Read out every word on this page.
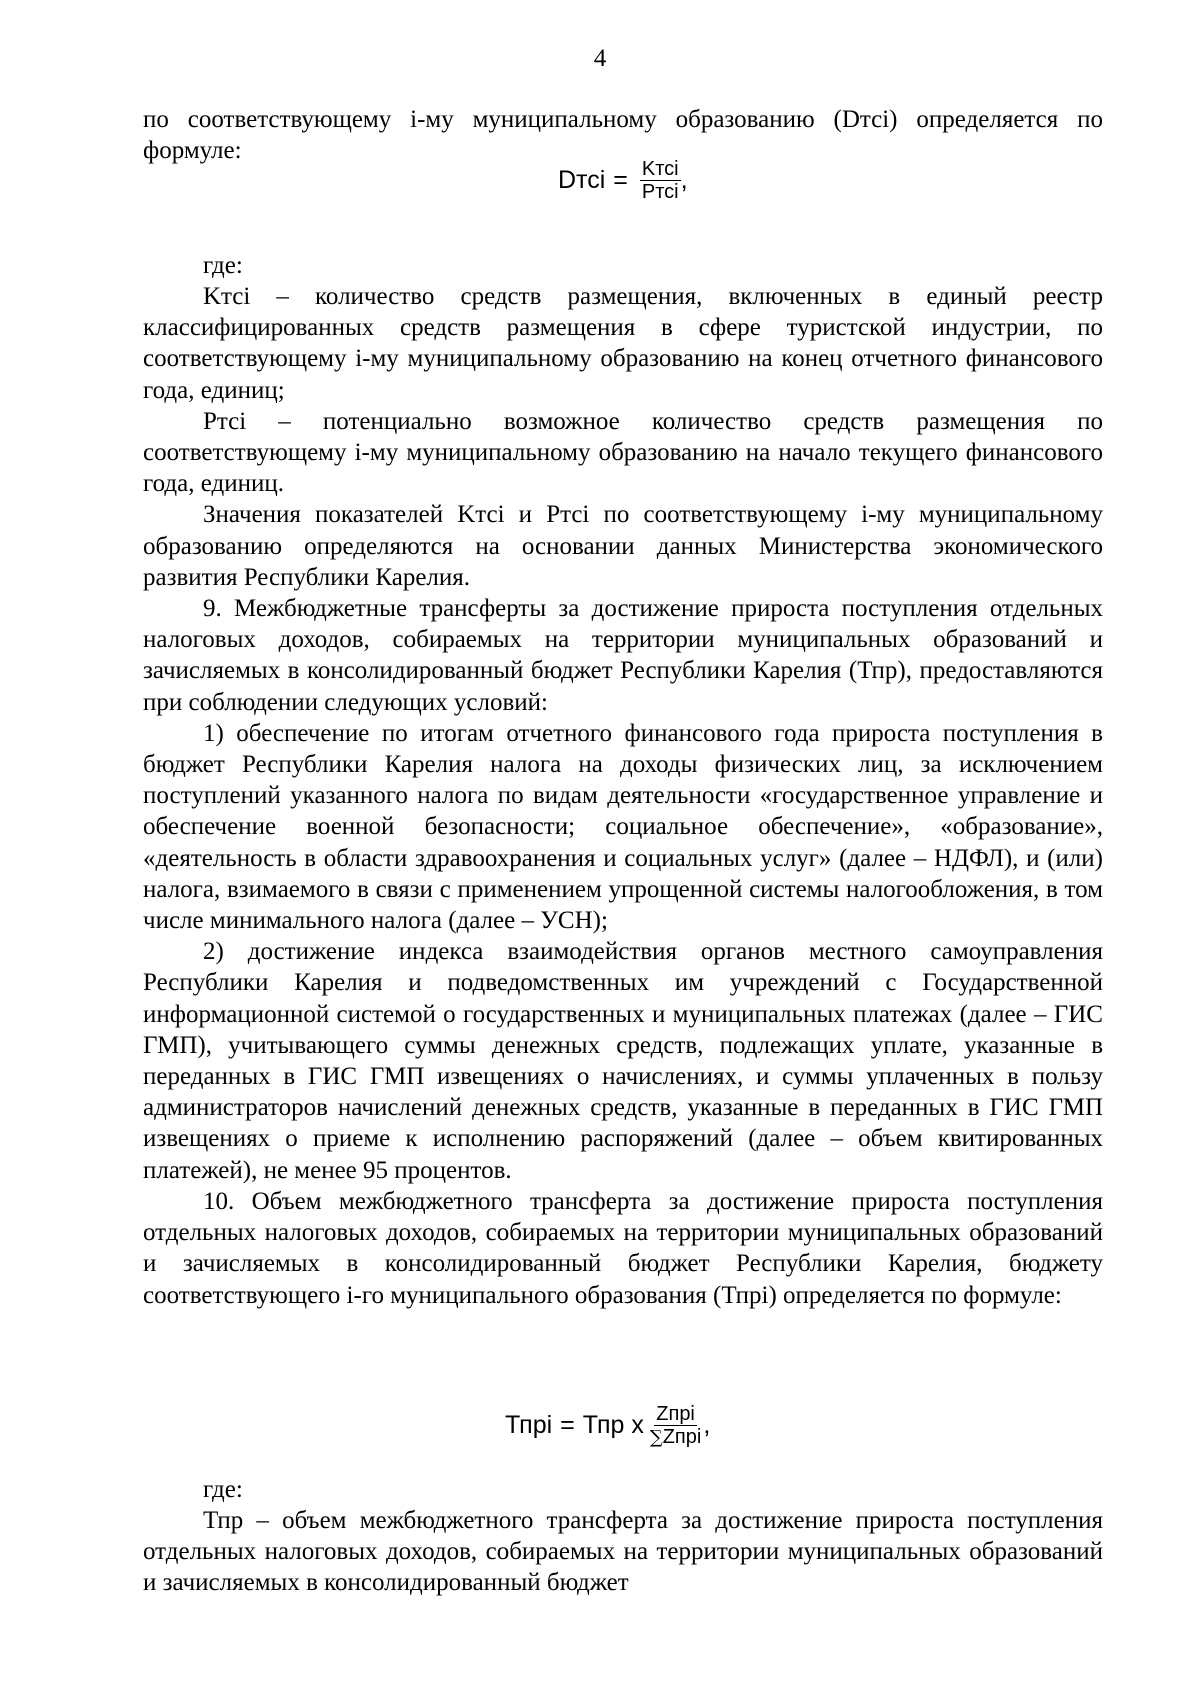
4

по соответствующему i-му муниципальному образованию (Dтсi) определяется по формуле:

Dтсi = $\frac{\text{Kтсi}}{\text{Pтсi}}$ ,
где:

Kтсi – количество средств размещения, включенных в единый реестр классифицированных средств размещения в сфере туристской индустрии, по соответствующему i-му муниципальному образованию на конец отчетного финансового года, единиц;

Pтсi – потенциально возможное количество средств размещения по соответствующему i-му муниципальному образованию на начало текущего финансового года, единиц.

Значения показателей Kтсi и Pтсi по соответствующему i-му муниципальному образованию определяются на основании данных Министерства экономического развития Республики Карелия.

9. Межбюджетные трансферты за достижение прироста поступления отдельных налоговых доходов, собираемых на территории муниципальных образований и зачисляемых в консолидированный бюджет Республики Карелия (Тпр), предоставляются при соблюдении следующих условий:

1) обеспечение по итогам отчетного финансового года прироста поступления в бюджет Республики Карелия налога на доходы физических лиц, за исключением поступлений указанного налога по видам деятельности «государственное управление и обеспечение военной безопасности; социальное обеспечение», «образование», «деятельность в области здравоохранения и социальных услуг» (далее – НДФЛ), и (или) налога, взимаемого в связи с применением упрощенной системы налогообложения, в том числе минимального налога (далее – УСН);

2) достижение индекса взаимодействия органов местного самоуправления Республики Карелия и подведомственных им учреждений с Государственной информационной системой о государственных и муниципальных платежах (далее – ГИС ГМП), учитывающего суммы денежных средств, подлежащих уплате, указанные в переданных в ГИС ГМП извещениях о начислениях, и суммы уплаченных в пользу администраторов начислений денежных средств, указанные в переданных в ГИС ГМП извещениях о приеме к исполнению распоряжений (далее – объем квитированных платежей), не менее 95 процентов.

10. Объем межбюджетного трансферта за достижение прироста поступления отдельных налоговых доходов, собираемых на территории муниципальных образований и зачисляемых в консолидированный бюджет Республики Карелия, бюджету соответствующего i-го муниципального образования (Тпрi) определяется по формуле:

Тпрi = Тпр x $\frac{\text{Zпрi}}{\text{∑Zпрi}}$ ,
где:

Тпр – объем межбюджетного трансферта за достижение прироста поступления отдельных налоговых доходов, собираемых на территории муниципальных образований и зачисляемых в консолидированный бюджет
